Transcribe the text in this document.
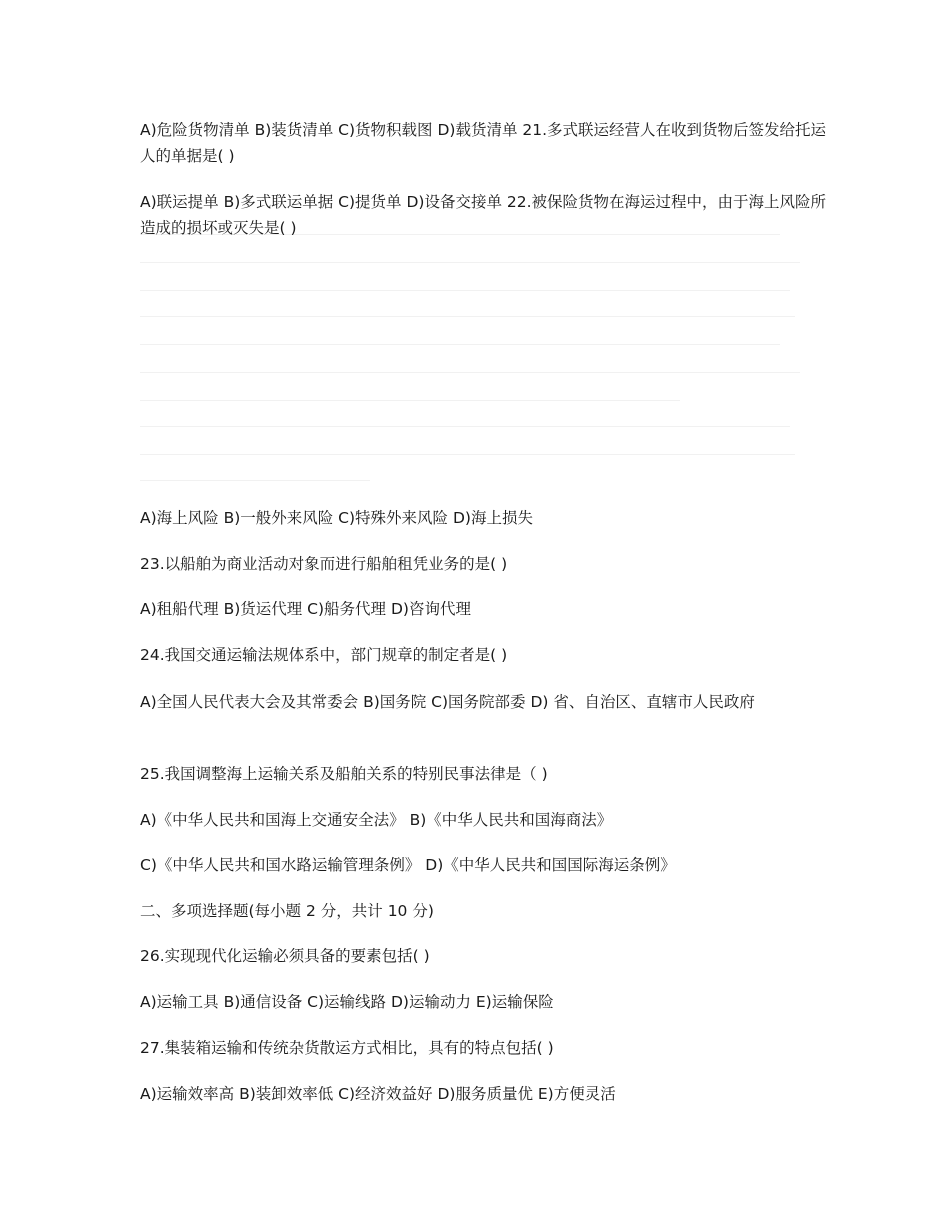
A)危险货物清单 B)装货清单 C)货物积载图 D)载货清单 21.多式联运经营人在收到货物后签发给托运人的单据是( )
A)联运提单 B)多式联运单据 C)提货单 D)设备交接单 22.被保险货物在海运过程中，由于海上风险所造成的损坏或灭失是( )
A)海上风险 B)一般外来风险 C)特殊外来风险 D)海上损失
23.以船舶为商业活动对象而进行船舶租凭业务的是( )
A)租船代理 B)货运代理 C)船务代理 D)咨询代理
24.我国交通运输法规体系中，部门规章的制定者是( )
A)全国人民代表大会及其常委会 B)国务院 C)国务院部委 D) 省、自治区、直辖市人民政府
25.我国调整海上运输关系及船舶关系的特别民事法律是（ )
A)《中华人民共和国海上交通安全法》 B)《中华人民共和国海商法》
C)《中华人民共和国水路运输管理条例》 D)《中华人民共和国国际海运条例》
二、多项选择题(每小题 2 分，共计 10 分)
26.实现现代化运输必须具备的要素包括( )
A)运输工具 B)通信设备 C)运输线路 D)运输动力 E)运输保险
27.集装箱运输和传统杂货散运方式相比，具有的特点包括( )
A)运输效率高 B)装卸效率低 C)经济效益好 D)服务质量优 E)方便灵活
